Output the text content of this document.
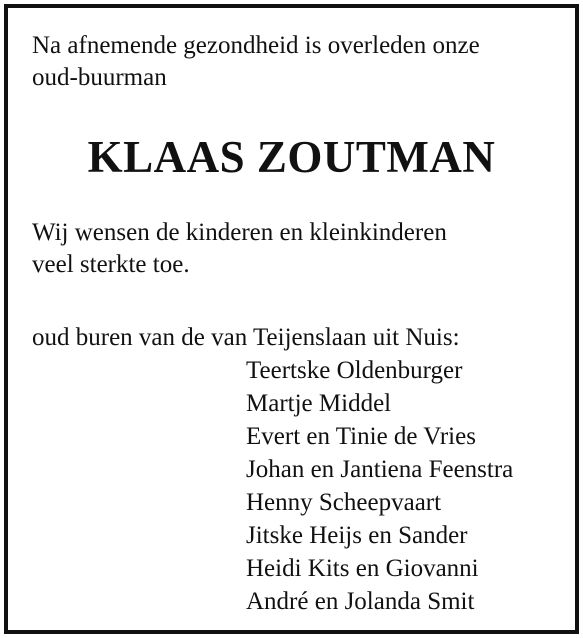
Na afnemende gezondheid is overleden onze
oud-buurman
KLAAS ZOUTMAN
Wij wensen de kinderen en kleinkinderen
veel sterkte toe.
oud buren van de van Teijenslaan uit Nuis:
Teertske Oldenburger
Martje Middel
Evert en Tinie de Vries
Johan en Jantiena Feenstra
Henny Scheepvaart
Jitske Heijs en Sander
Heidi Kits en Giovanni
André en Jolanda Smit
